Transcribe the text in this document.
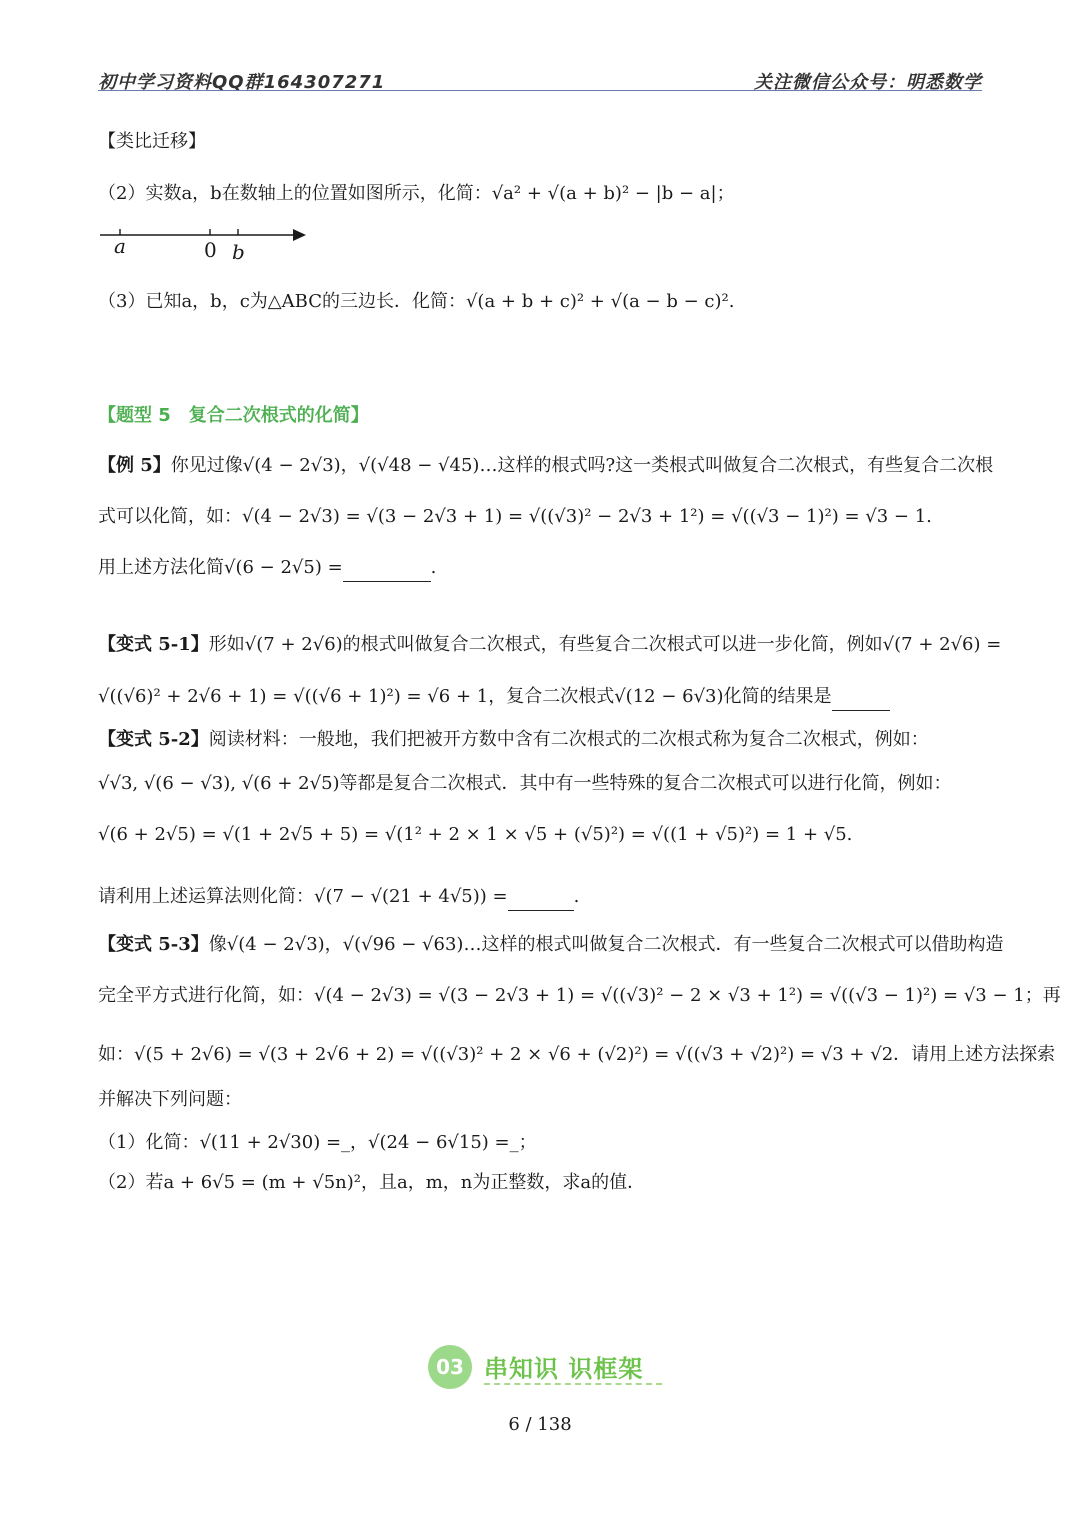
初中学习资料QQ群164307271	关注微信公众号：明悉数学
【类比迁移】
（2）实数a，b在数轴上的位置如图所示，化简：√a² + √(a + b)² − |b − a|；
a	0 b
（3）已知a，b，c为△ABC的三边长．化简：√(a + b + c)² + √(a − b − c)².
【题型 5　复合二次根式的化简】
【例 5】你见过像√(4 − 2√3)，√(√48 − √45)…这样的根式吗?这一类根式叫做复合二次根式，有些复合二次根
式可以化简，如：√(4 − 2√3) = √(3 − 2√3 + 1) = √((√3)² − 2√3 + 1²) = √((√3 − 1)²) = √3 − 1.
用上述方法化简√(6 − 2√5) =	.
【变式 5-1】形如√(7 + 2√6)的根式叫做复合二次根式，有些复合二次根式可以进一步化简，例如√(7 + 2√6) =
√((√6)² + 2√6 + 1) = √((√6 + 1)²) = √6 + 1，复合二次根式√(12 − 6√3)化简的结果是
【变式 5-2】阅读材料：一般地，我们把被开方数中含有二次根式的二次根式称为复合二次根式，例如：
√√3, √(6 − √3), √(6 + 2√5)等都是复合二次根式．其中有一些特殊的复合二次根式可以进行化简，例如：
√(6 + 2√5) = √(1 + 2√5 + 5) = √(1² + 2 × 1 × √5 + (√5)²) = √((1 + √5)²) = 1 + √5.
请利用上述运算法则化简：√(7 − √(21 + 4√5)) =	.
【变式 5-3】像√(4 − 2√3)，√(√96 − √63)…这样的根式叫做复合二次根式．有一些复合二次根式可以借助构造
完全平方式进行化简，如：√(4 − 2√3) = √(3 − 2√3 + 1) = √((√3)² − 2 × √3 + 1²) = √((√3 − 1)²) = √3 − 1；再
如：√(5 + 2√6) = √(3 + 2√6 + 2) = √((√3)² + 2 × √6 + (√2)²) = √((√3 + √2)²) = √3 + √2．请用上述方法探索
并解决下列问题：
（1）化简：√(11 + 2√30) =_，√(24 − 6√15) =_；
（2）若a + 6√5 = (m + √5n)²，且a，m，n为正整数，求a的值．
03 串知识 识框架
6 / 138
